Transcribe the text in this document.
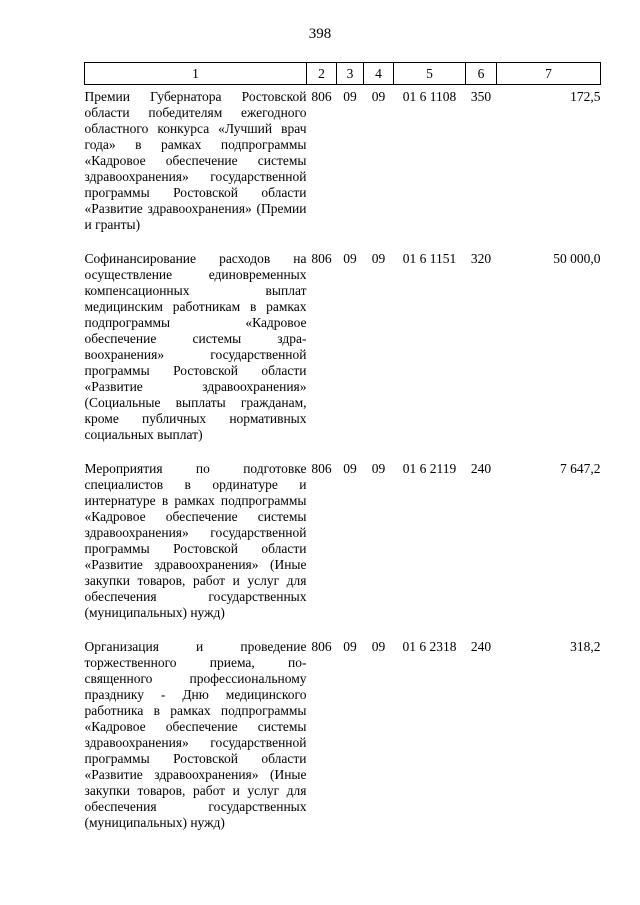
398
1	2	3	4	5	6	7
Премии Губернатора Ростовской области победителям ежегодного областного конкурса «Лучший врач года» в рамках подпрограммы «Кадровое обеспечение системы здравоохранения» государственной программы Ростовской области «Развитие здравоохранения» (Премии и гранты)	806	09	09	01 6 1108	350	172,5

Софинансирование расходов на осуществление единовременных компенсационных выплат медицинским работникам в рамках подпрограммы «Кадровое обеспечение системы здравоохранения» государственной программы Ростовской области «Развитие здравоохранения» (Социальные выплаты гражданам, кроме публичных нормативных социальных выплат)	806	09	09	01 6 1151	320	50 000,0

Мероприятия по подготовке специалистов в ординатуре и интернатуре в рамках подпрограммы «Кадровое обеспечение системы здравоохранения» государственной программы Ростовской области «Развитие здравоохранения» (Иные закупки товаров, работ и услуг для обеспечения государственных (муниципальных) нужд)	806	09	09	01 6 2119	240	7 647,2

Организация и проведение торжественного приема, посвященного профессиональному празднику - Дню медицинского работника в рамках подпрограммы «Кадровое обеспечение системы здравоохранения» государственной программы Ростовской области «Развитие здравоохранения» (Иные закупки товаров, работ и услуг для обеспечения государственных (муниципальных) нужд)	806	09	09	01 6 2318	240	318,2
